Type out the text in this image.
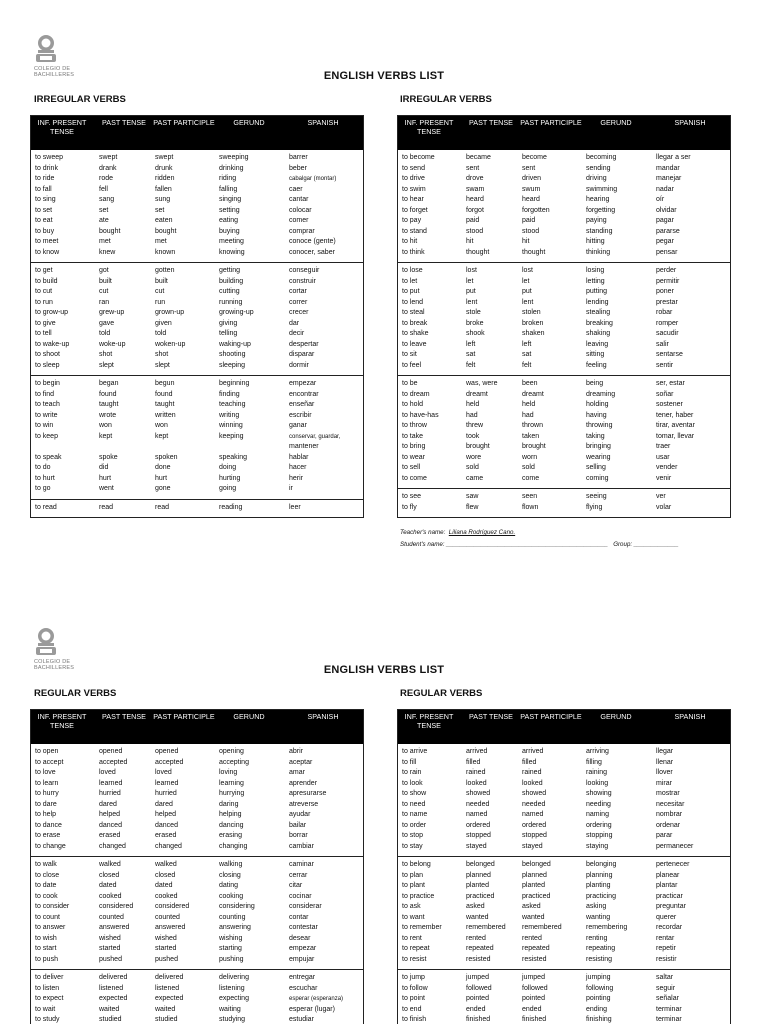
COLEGIO DE
BACHILLERES	ENGLISH VERBS LIST
IRREGULAR VERBS	IRREGULAR VERBS
INF. PRESENT TENSE
PAST TENSE	PAST PARTICIPLE	GERUND	SPANISH
to sweep	swept	swept	sweeping	barrer
to drink	drank	drunk	drinking	beber
to ride	rode	ridden	riding	cabalgar (montar)
to fall	fell	fallen	falling	caer
to sing	sang	sung	singing	cantar
to set	set	set	setting	colocar
to eat	ate	eaten	eating	comer
to buy	bought	bought	buying	comprar
to meet	met	met	meeting	conoce (gente)
to know	knew	known	knowing	conocer, saber
to get	got	gotten	getting	conseguir
to build	built	built	building	construir
to cut	cut	cut	cutting	cortar
to run	ran	run	running	correr
to grow-up	grew-up	grown-up	growing-up	crecer
to give	gave	given	giving	dar
to tell	told	told	telling	decir
to wake-up	woke-up	woken-up	waking-up	despertar
to shoot	shot	shot	shooting	disparar
to sleep	slept	slept	sleeping	dormir
to begin	began	begun	beginning	empezar
to find	found	found	finding	encontrar
to teach	taught	taught	teaching	enseñar
to write	wrote	written	writing	escribir
to win	won	won	winning	ganar
to keep	kept	kept	keeping	conservar, guardar,
mantener
to speak	spoke	spoken	speaking	hablar
to do	did	done	doing	hacer
to hurt	hurt	hurt	hurting	herir
to go	went	gone	going	ir
to read	read	read	reading	leer
INF. PRESENT TENSE
PAST TENSE	PAST PARTICIPLE	GERUND	SPANISH
to become	became	become	becoming	llegar a ser
to send	sent	sent	sending	mandar
to drive	drove	driven	driving	manejar
to swim	swam	swum	swimming	nadar
to hear	heard	heard	hearing	oír
to forget	forgot	forgotten	forgetting	olvidar
to pay	paid	paid	paying	pagar
to stand	stood	stood	standing	pararse
to hit	hit	hit	hitting	pegar
to think	thought	thought	thinking	pensar
to lose	lost	lost	losing	perder
to let	let	let	letting	permitir
to put	put	put	putting	poner
to lend	lent	lent	lending	prestar
to steal	stole	stolen	stealing	robar
to break	broke	broken	breaking	romper
to shake	shook	shaken	shaking	sacudir
to leave	left	left	leaving	salir
to sit	sat	sat	sitting	sentarse
to feel	felt	felt	feeling	sentir
to be	was, were	been	being	ser, estar
to dream	dreamt	dreamt	dreaming	soñar
to hold	held	held	holding	sostener
to have-has	had	had	having	tener, haber
to throw	threw	thrown	throwing	tirar, aventar
to take	took	taken	taking	tomar, llevar
to bring	brought	brought	bringing	traer
to wear	wore	worn	wearing	usar
to sell	sold	sold	selling	vender
to come	came	come	coming	venir
to see	saw	seen	seeing	ver
to fly	flew	flown	flying	volar
Teacher's name: Liliana Rodríguez Cano.
Student's name: _______________________________________________ Group: _____________
COLEGIO DE
BACHILLERES	ENGLISH VERBS LIST
REGULAR VERBS	REGULAR VERBS
INF. PRESENT TENSE
PAST TENSE	PAST PARTICIPLE	GERUND	SPANISH
to open	opened	opened	opening	abrir
to accept	accepted	accepted	accepting	aceptar
to love	loved	loved	loving	amar
to learn	learned	learned	learning	aprender
to hurry	hurried	hurried	hurrying	apresurarse
to dare	dared	dared	daring	atreverse
to help	helped	helped	helping	ayudar
to dance	danced	danced	dancing	bailar
to erase	erased	erased	erasing	borrar
to change	changed	changed	changing	cambiar
to walk	walked	walked	walking	caminar
to close	closed	closed	closing	cerrar
to date	dated	dated	dating	citar
to cook	cooked	cooked	cooking	cocinar
to consider	considered	considered	considering	considerar
to count	counted	counted	counting	contar
to answer	answered	answered	answering	contestar
to wish	wished	wished	wishing	desear
to start	started	started	starting	empezar
to push	pushed	pushed	pushing	empujar
to deliver	delivered	delivered	delivering	entregar
to listen	listened	listened	listening	escuchar
to expect	expected	expected	expecting	esperar (esperanza)
to wait	waited	waited	waiting	esperar (lugar)
to study	studied	studied	studying	estudiar
INF. PRESENT TENSE
PAST TENSE	PAST PARTICIPLE	GERUND	SPANISH
to arrive	arrived	arrived	arriving	llegar
to fill	filled	filled	filling	llenar
to rain	rained	rained	raining	llover
to look	looked	looked	looking	mirar
to show	showed	showed	showing	mostrar
to need	needed	needed	needing	necesitar
to name	named	named	naming	nombrar
to order	ordered	ordered	ordering	ordenar
to stop	stopped	stopped	stopping	parar
to stay	stayed	stayed	staying	permanecer
to belong	belonged	belonged	belonging	pertenecer
to plan	planned	planned	planning	planear
to plant	planted	planted	planting	plantar
to practice	practiced	practiced	practicing	practicar
to ask	asked	asked	asking	preguntar
to want	wanted	wanted	wanting	querer
to remember	remembered remembered	remembering	recordar
to rent	rented	rented	renting	rentar
to repeat	repeated	repeated	repeating	repetir
to resist	resisted	resisted	resisting	resistir
to jump	jumped	jumped	jumping	saltar
to follow	followed	followed	following	seguir
to point	pointed	pointed	pointing	señalar
to end	ended	ended	ending	terminar
to finish	finished	finished	finishing	terminar
